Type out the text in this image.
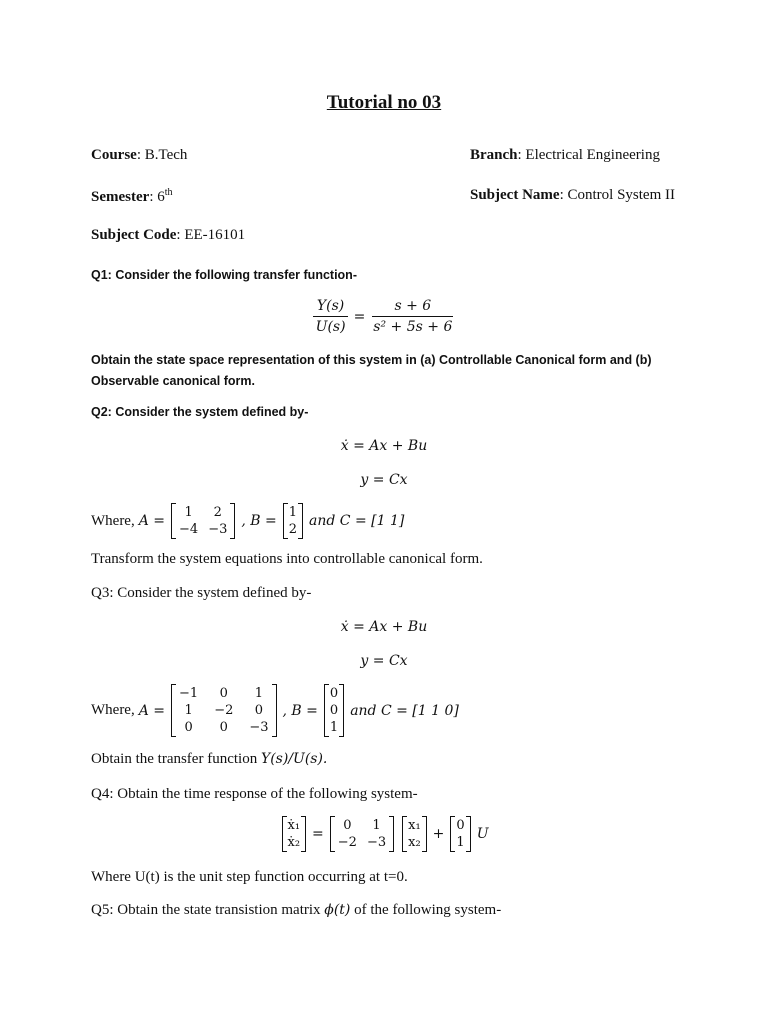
Tutorial no 03
Course: B.Tech	Branch: Electrical Engineering
Semester: 6th	Subject Name: Control System II
Subject Code: EE-16101
Q1: Consider the following transfer function-
$\frac{Y(s)}{U(s)} = \frac{s + 6}{\text{s² + 5s + 6}}$
Obtain the state space representation of this system in (a) Controllable Canonical form and (b) Observable canonical form.
Q2: Consider the system defined by-
ẋ = Ax + Bu
y = Cx
Where, A =
1	2
−4 −3
, B =
1
2
and C = [1 1]
Transform the system equations into controllable canonical form.
Q3: Consider the system defined by-
ẋ = Ax + Bu
y = Cx
Where, A =
−1	0	1
1	−2	0
0	0	−3
, B =
0
0
1
and C = [1 1 0]
Obtain the transfer function Y(s)/U(s).
Q4: Obtain the time response of the following system-
ẋ₁
ẋ₂
=
0	1
−2 −3
x₁
x₂
+
0
1
U
Where U(t) is the unit step function occurring at t=0.
Q5: Obtain the state transistion matrix ϕ(t) of the following system-
